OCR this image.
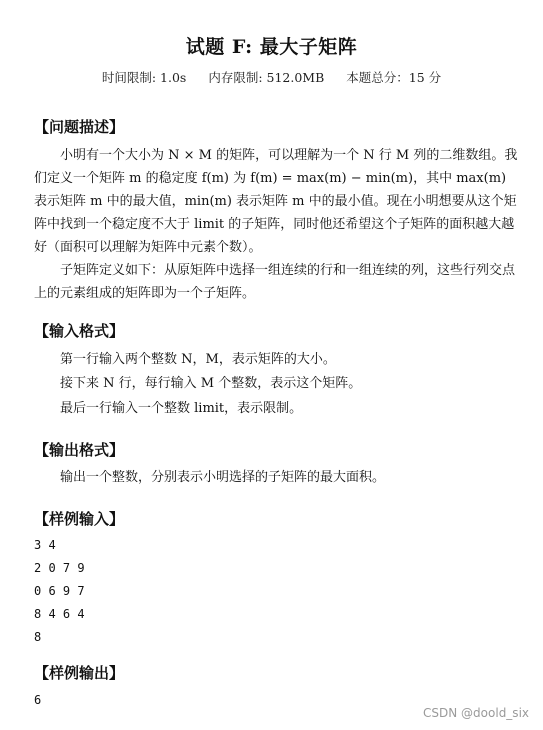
试题 F: 最大子矩阵
时间限制: 1.0s 内存限制: 512.0MB 本题总分：15 分
【问题描述】
小明有一个大小为 N × M 的矩阵，可以理解为一个 N 行 M 列的二维数组。我们定义一个矩阵 m 的稳定度 f(m) 为 f(m) = max(m) − min(m)，其中 max(m) 表示矩阵 m 中的最大值，min(m) 表示矩阵 m 中的最小值。现在小明想要从这个矩阵中找到一个稳定度不大于 limit 的子矩阵，同时他还希望这个子矩阵的面积越大越好（面积可以理解为矩阵中元素个数）。
子矩阵定义如下：从原矩阵中选择一组连续的行和一组连续的列，这些行列交点上的元素组成的矩阵即为一个子矩阵。
【输入格式】
第一行输入两个整数 N，M，表示矩阵的大小。
接下来 N 行，每行输入 M 个整数，表示这个矩阵。
最后一行输入一个整数 limit，表示限制。
【输出格式】
输出一个整数，分别表示小明选择的子矩阵的最大面积。
【样例输入】
3 4
2 0 7 9
0 6 9 7
8 4 6 4
8
【样例输出】
6
CSDN @doold_six
